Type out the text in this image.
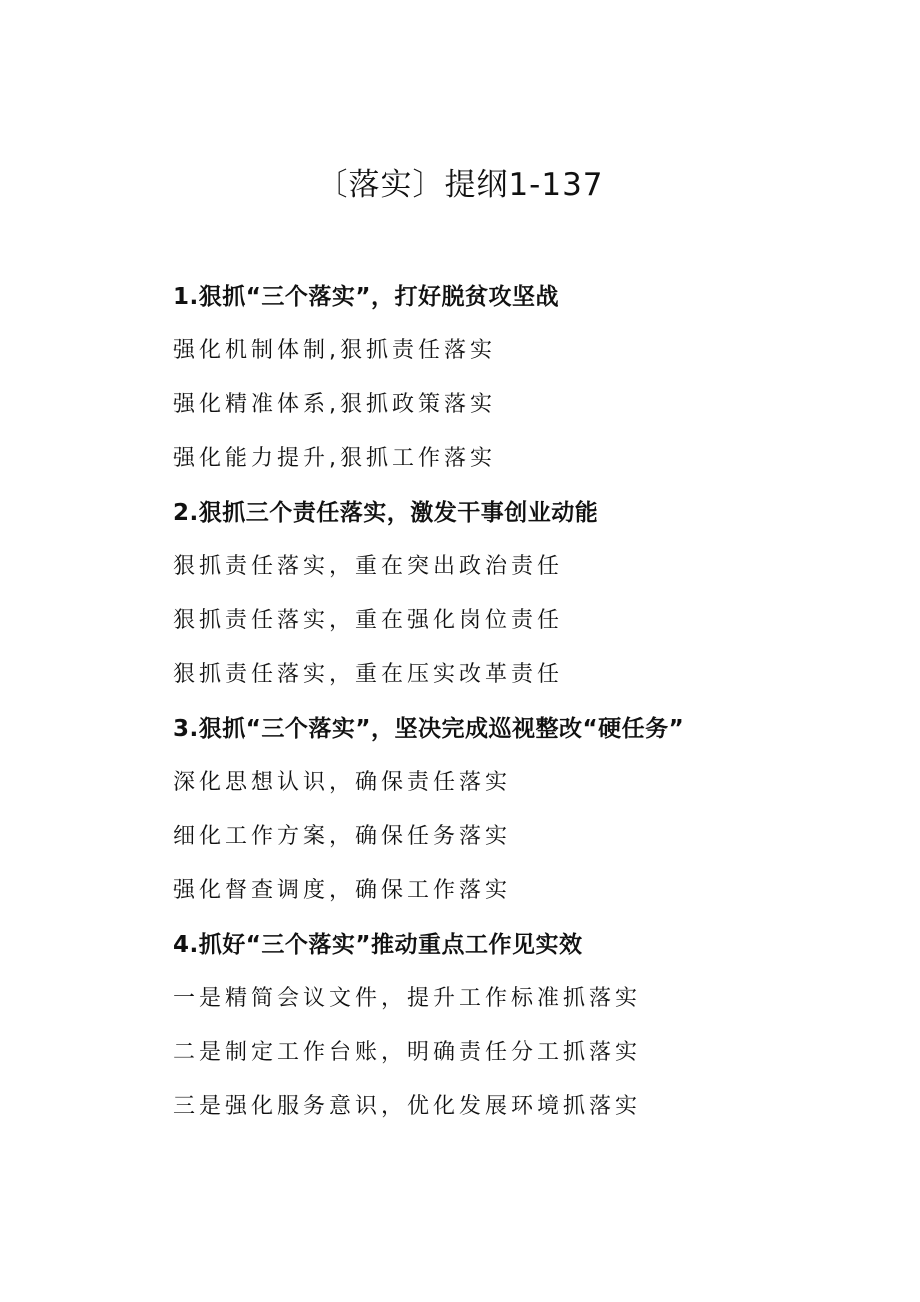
〔落实〕提纲1-137
1.狠抓“三个落实”，打好脱贫攻坚战
强化机制体制,狠抓责任落实
强化精准体系,狠抓政策落实
强化能力提升,狠抓工作落实
2.狠抓三个责任落实，激发干事创业动能
狠抓责任落实，重在突出政治责任
狠抓责任落实，重在强化岗位责任
狠抓责任落实，重在压实改革责任
3.狠抓“三个落实”，坚决完成巡视整改“硬任务”
深化思想认识，确保责任落实
细化工作方案，确保任务落实
强化督查调度，确保工作落实
4.抓好“三个落实”推动重点工作见实效
一是精简会议文件，提升工作标准抓落实
二是制定工作台账，明确责任分工抓落实
三是强化服务意识，优化发展环境抓落实
